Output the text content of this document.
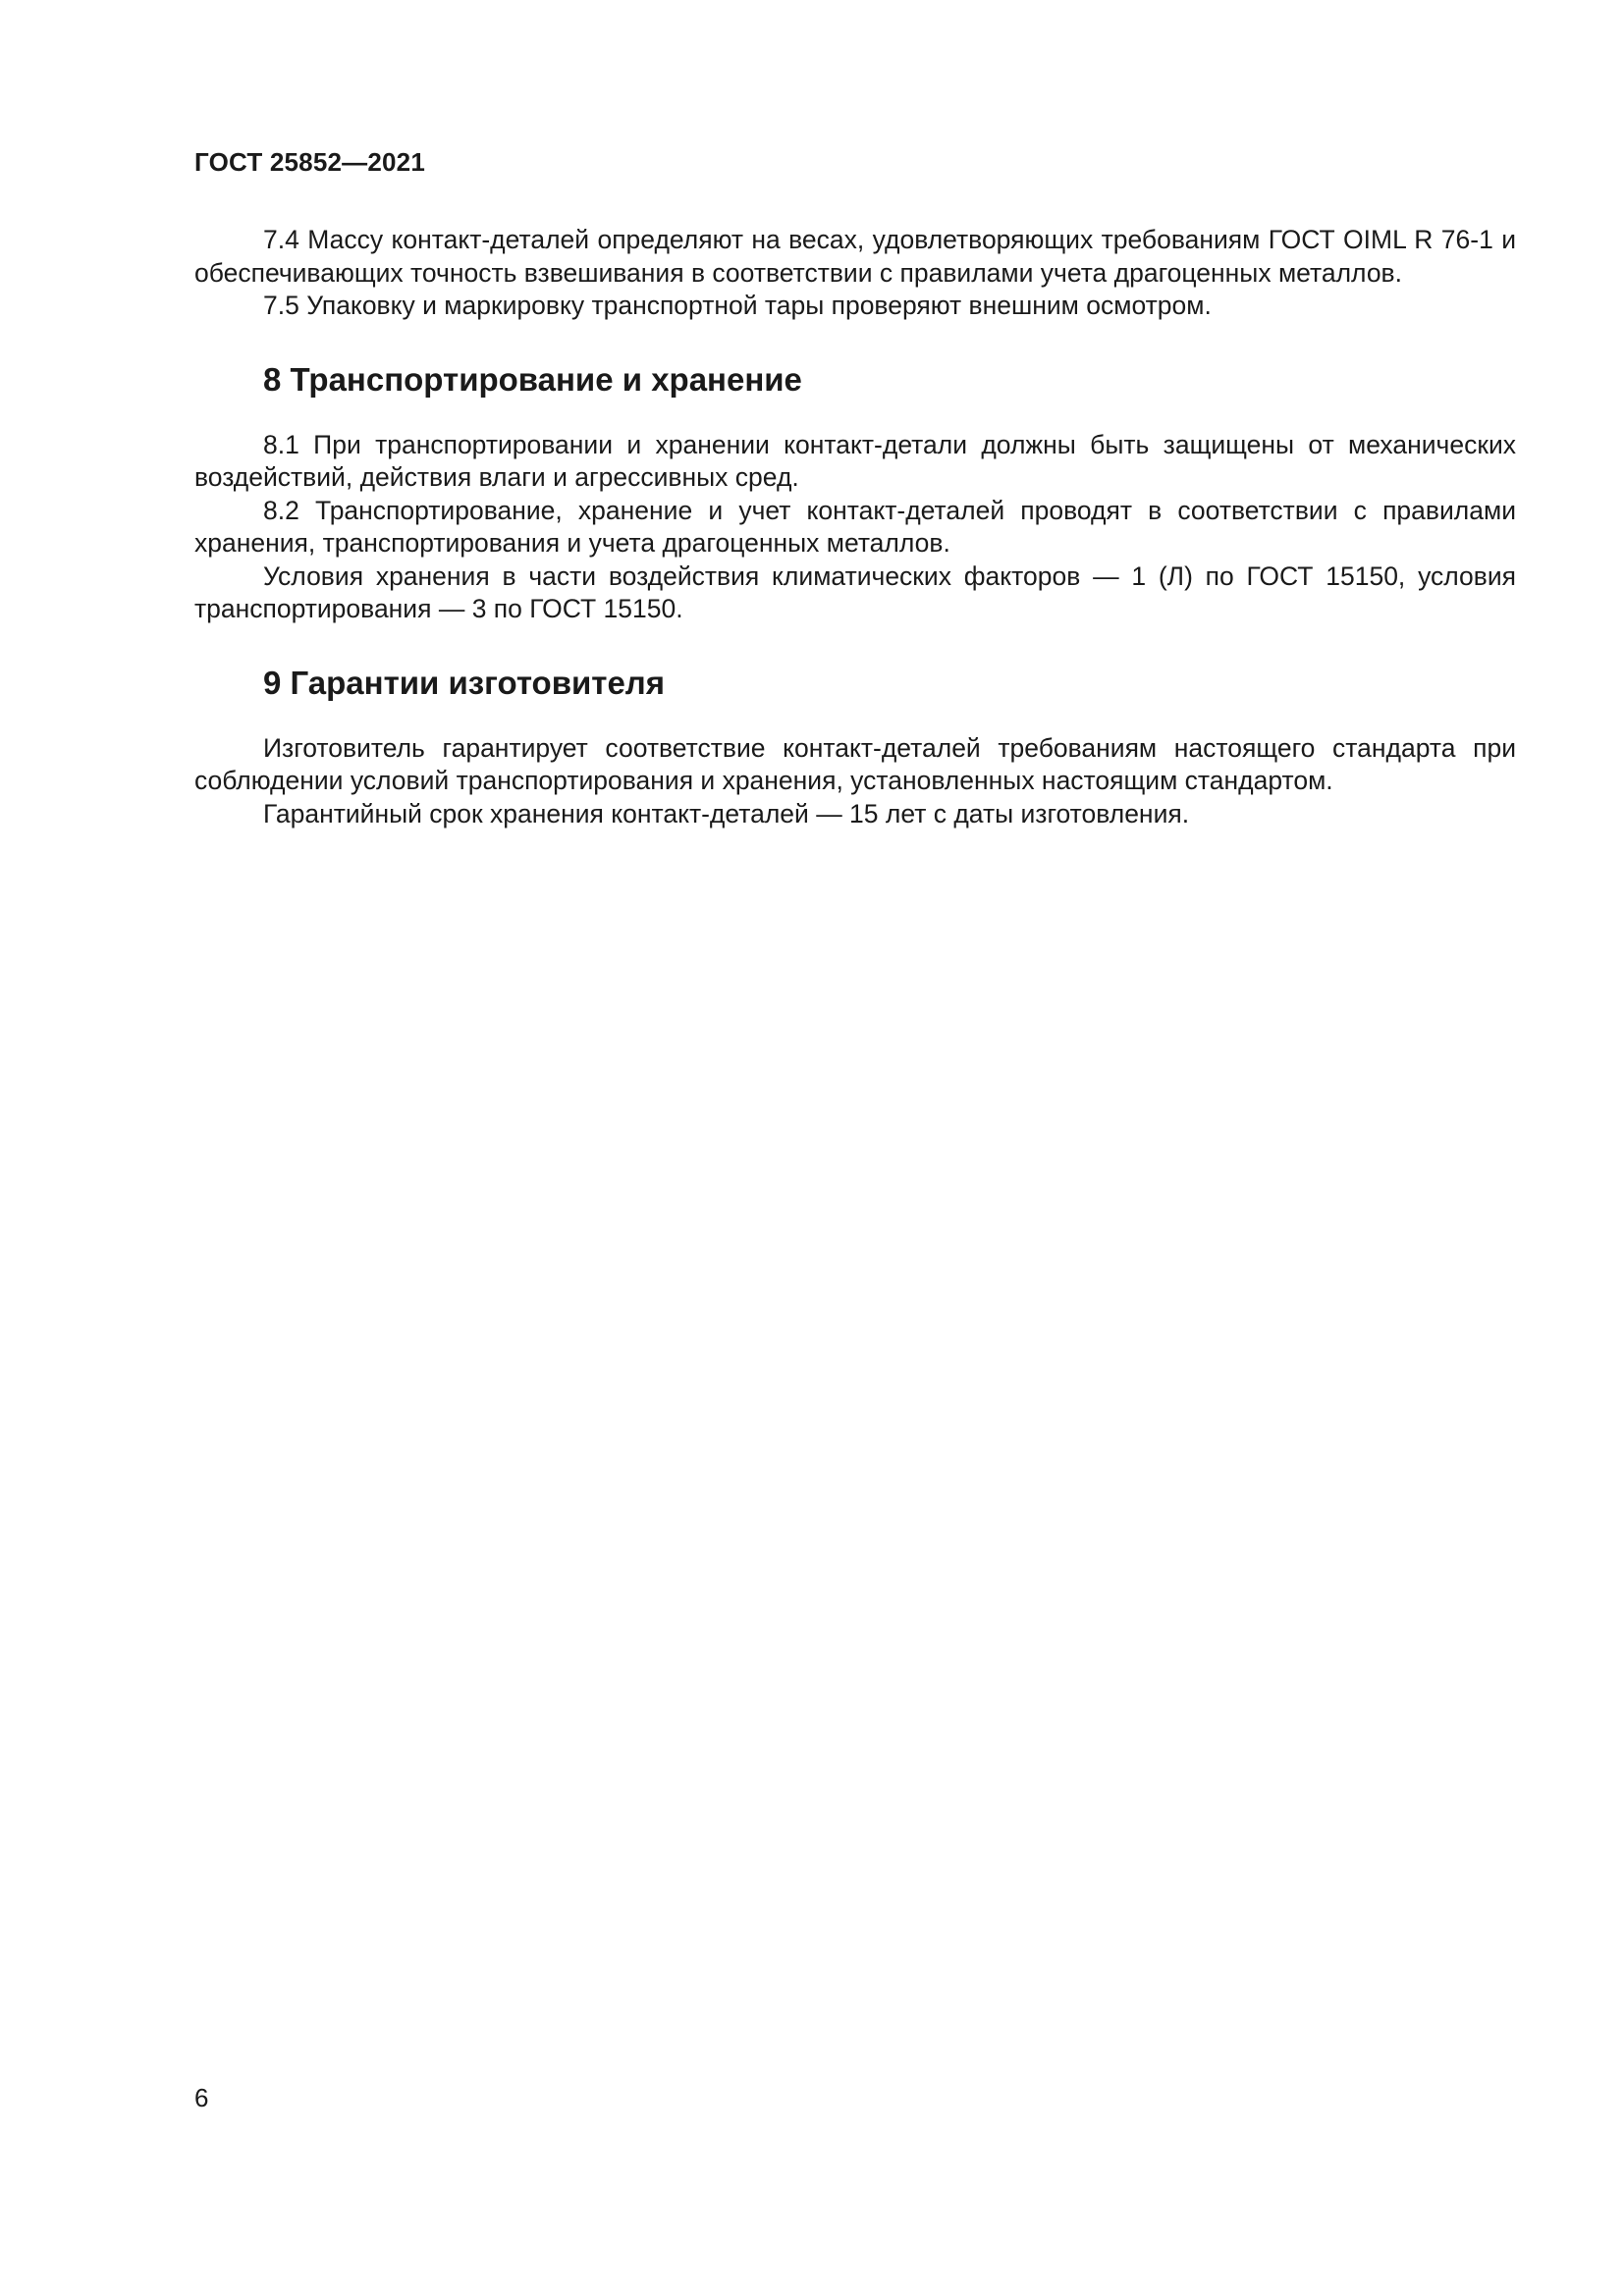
ГОСТ 25852—2021

7.4 Массу контакт-деталей определяют на весах, удовлетворяющих требованиям ГОСТ OIML R 76-1 и обеспечивающих точность взвешивания в соответствии с правилами учета драгоценных металлов.

7.5 Упаковку и маркировку транспортной тары проверяют внешним осмотром.

8 Транспортирование и хранение

8.1 При транспортировании и хранении контакт-детали должны быть защищены от механических воздействий, действия влаги и агрессивных сред.

8.2 Транспортирование, хранение и учет контакт-деталей проводят в соответствии с правилами хранения, транспортирования и учета драгоценных металлов.

Условия хранения в части воздействия климатических факторов — 1 (Л) по ГОСТ 15150, условия транспортирования — 3 по ГОСТ 15150.

9 Гарантии изготовителя

Изготовитель гарантирует соответствие контакт-деталей требованиям настоящего стандарта при соблюдении условий транспортирования и хранения, установленных настоящим стандартом.

Гарантийный срок хранения контакт-деталей — 15 лет с даты изготовления.

6
